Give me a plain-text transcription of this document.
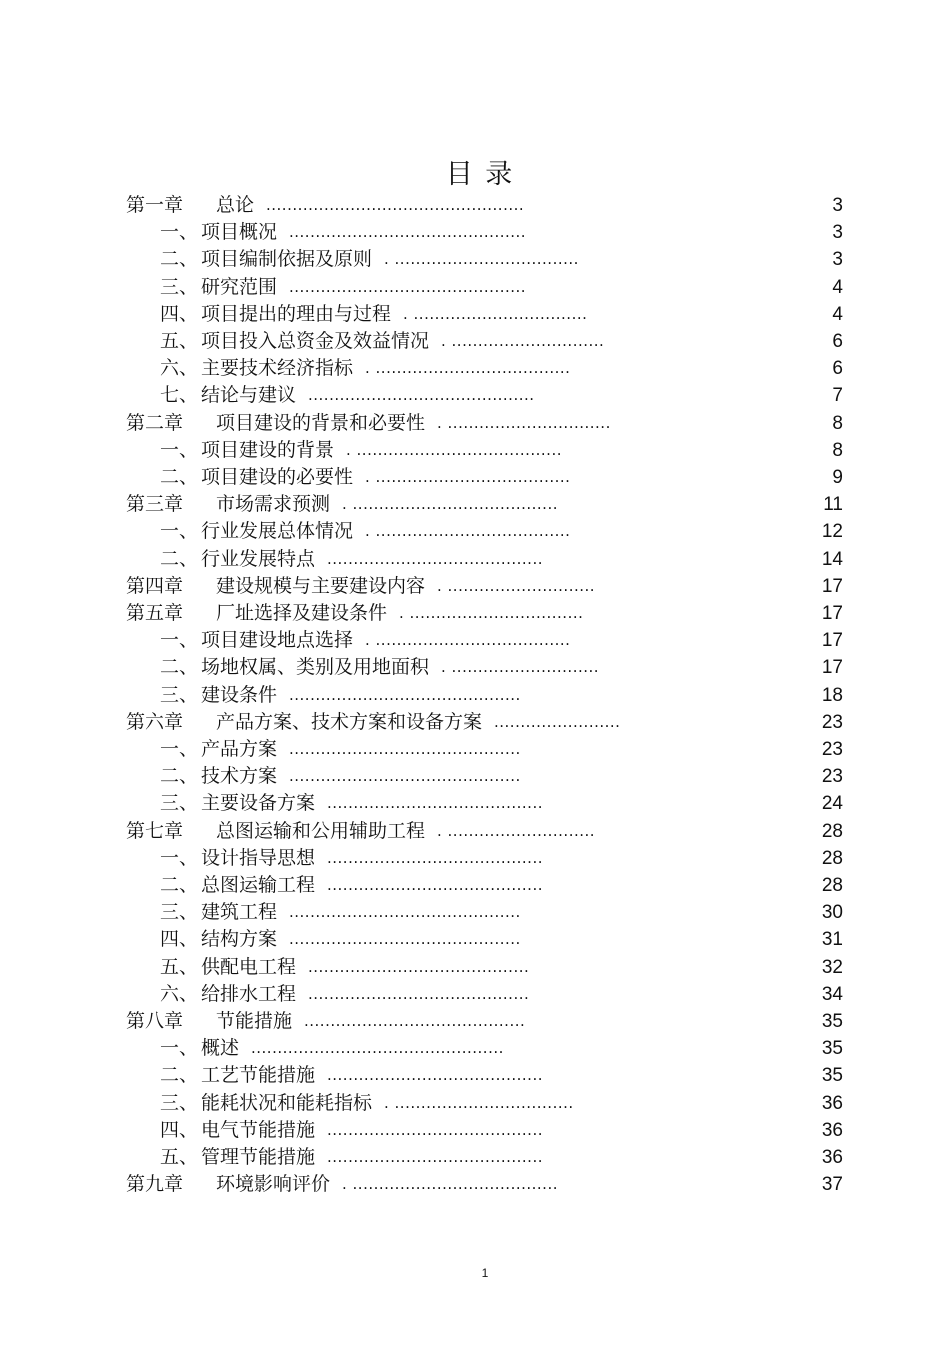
目 录
第一章 总论 .................................................	3
一、 项目概况 .............................................	3
二、 项目编制依据及原则 . ...................................	3
三、 研究范围 .............................................	4
四、 项目提出的理由与过程 . .................................	4
五、 项目投入总资金及效益情况 . .............................	6
六、 主要技术经济指标 . .....................................	6
七、 结论与建议 ...........................................	7
第二章 项目建设的背景和必要性 . ...............................	8
一、 项目建设的背景 . .......................................	8
二、 项目建设的必要性 . .....................................	9
第三章 市场需求预测 . .......................................	11
一、 行业发展总体情况 . .....................................	12
二、 行业发展特点 .........................................	14
第四章 建设规模与主要建设内容 . ............................	17
第五章 厂址选择及建设条件 . .................................	17
一、 项目建设地点选择 . .....................................	17
二、 场地权属、类别及用地面积 . ............................	17
三、 建设条件 ............................................	18
第六章 产品方案、技术方案和设备方案 ........................	23
一、 产品方案 ............................................	23
二、 技术方案 ............................................	23
三、 主要设备方案 .........................................	24
第七章 总图运输和公用辅助工程 . ............................	28
一、 设计指导思想 .........................................	28
二、 总图运输工程 .........................................	28
三、 建筑工程 ............................................	30
四、 结构方案 ............................................	31
五、 供配电工程 ..........................................	32
六、 给排水工程 ..........................................	34
第八章 节能措施 ..........................................	35
一、 概述 ................................................	35
二、 工艺节能措施 .........................................	35
三、 能耗状况和能耗指标 . ..................................	36
四、 电气节能措施 .........................................	36
五、 管理节能措施 .........................................	36
第九章 环境影响评价 . .......................................	37
1
